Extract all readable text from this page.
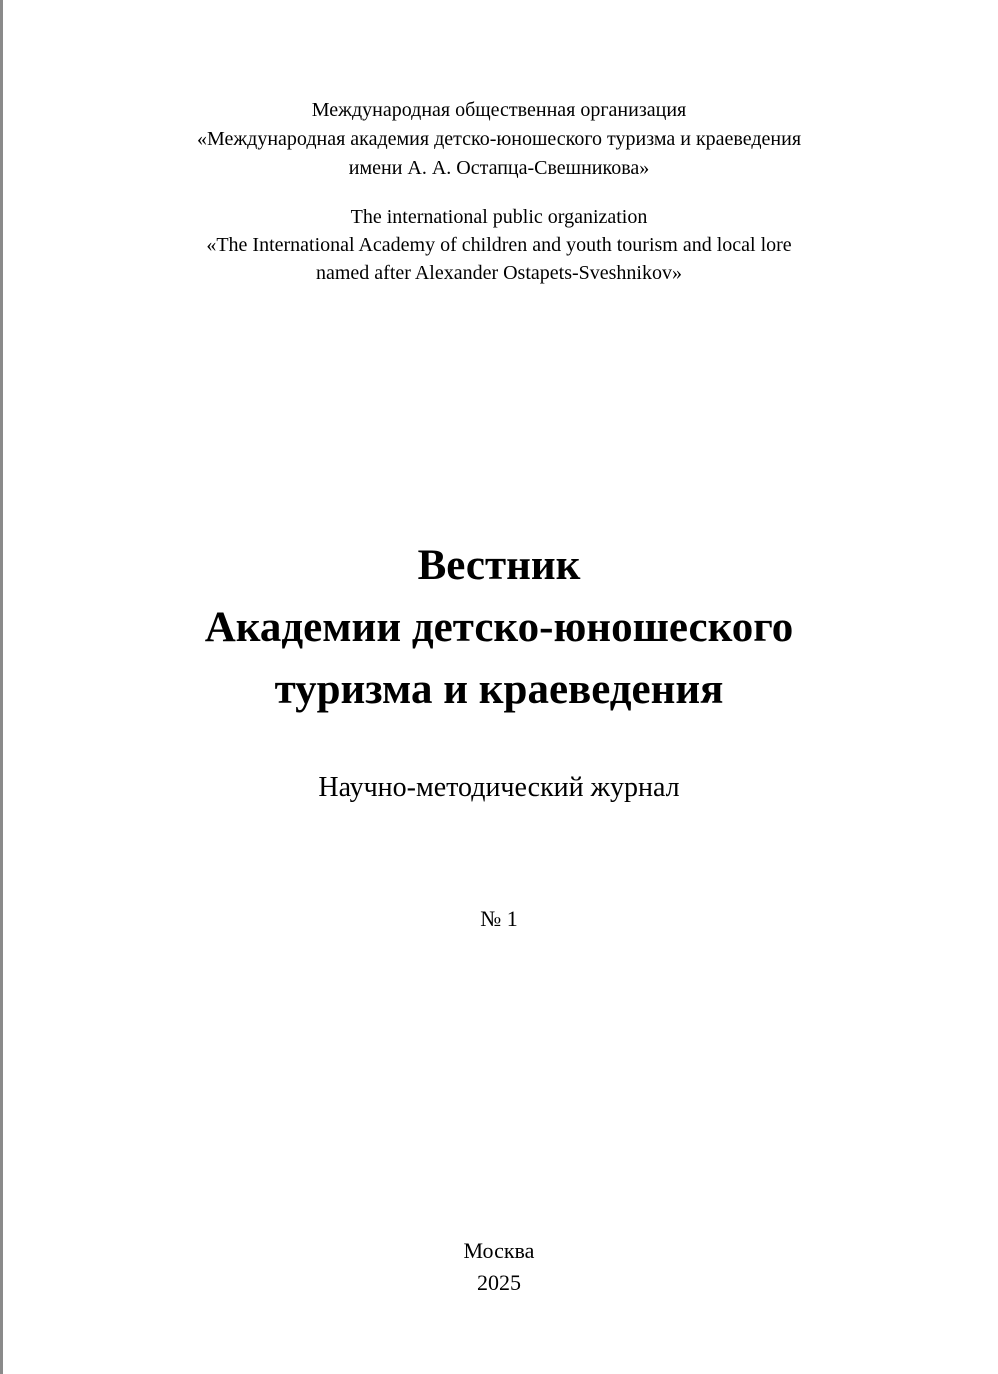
Международная общественная организация
«Международная академия детско-юношеского туризма и краеведения
имени А. А. Остапца-Свешникова»
The international public organization
«The International Academy of children and youth tourism and local lore
named after Alexander Ostapets-Sveshnikov»
Вестник
Академии детско-юношеского
туризма и краеведения
Научно-методический журнал
№ 1
Москва
2025
